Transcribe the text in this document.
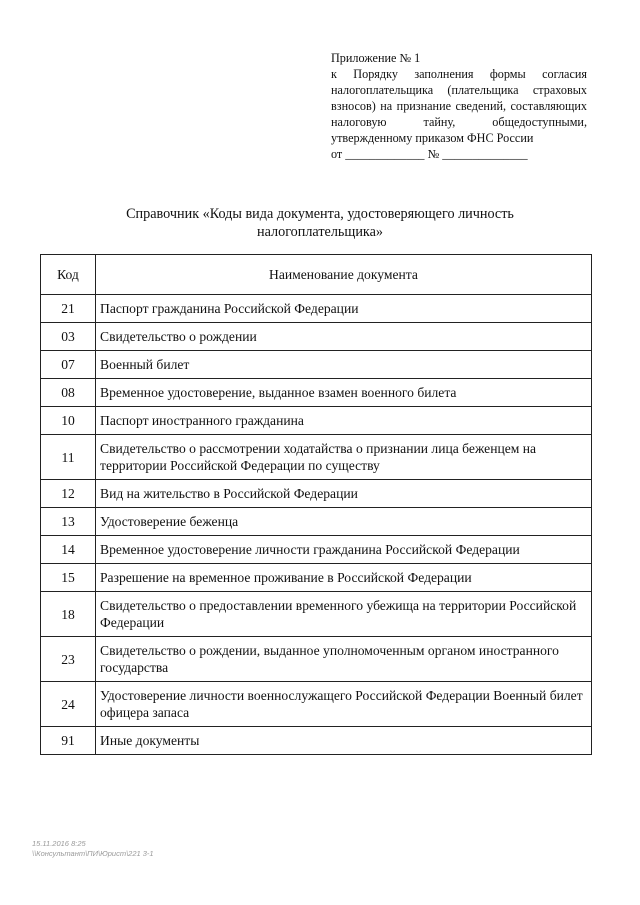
Приложение № 1
к Порядку заполнения формы согласия налогоплательщика (плательщика страховых взносов) на признание сведений, составляющих налоговую тайну, общедоступными, утвержденному приказом ФНС России
от _____________ № ______________
Справочник «Коды вида документа, удостоверяющего личность
налогоплательщика»
Код	Наименование документа
21	Паспорт гражданина Российской Федерации
03	Свидетельство о рождении
07	Военный билет
08	Временное удостоверение, выданное взамен военного билета
10	Паспорт иностранного гражданина
11	Свидетельство о рассмотрении ходатайства о признании лица беженцем на территории Российской Федерации по существу
12	Вид на жительство в Российской Федерации
13	Удостоверение беженца
14	Временное удостоверение личности гражданина Российской Федерации
15	Разрешение на временное проживание в Российской Федерации
18	Свидетельство о предоставлении временного убежища на территории Российской Федерации
23	Свидетельство о рождении, выданное уполномоченным органом иностранного государства
24	Удостоверение личности военнослужащего Российской Федерации Военный билет офицера запаса
91	Иные документы
15.11.2016 8:25
\\Консультант\ПИ\Юрист\221 3-1
